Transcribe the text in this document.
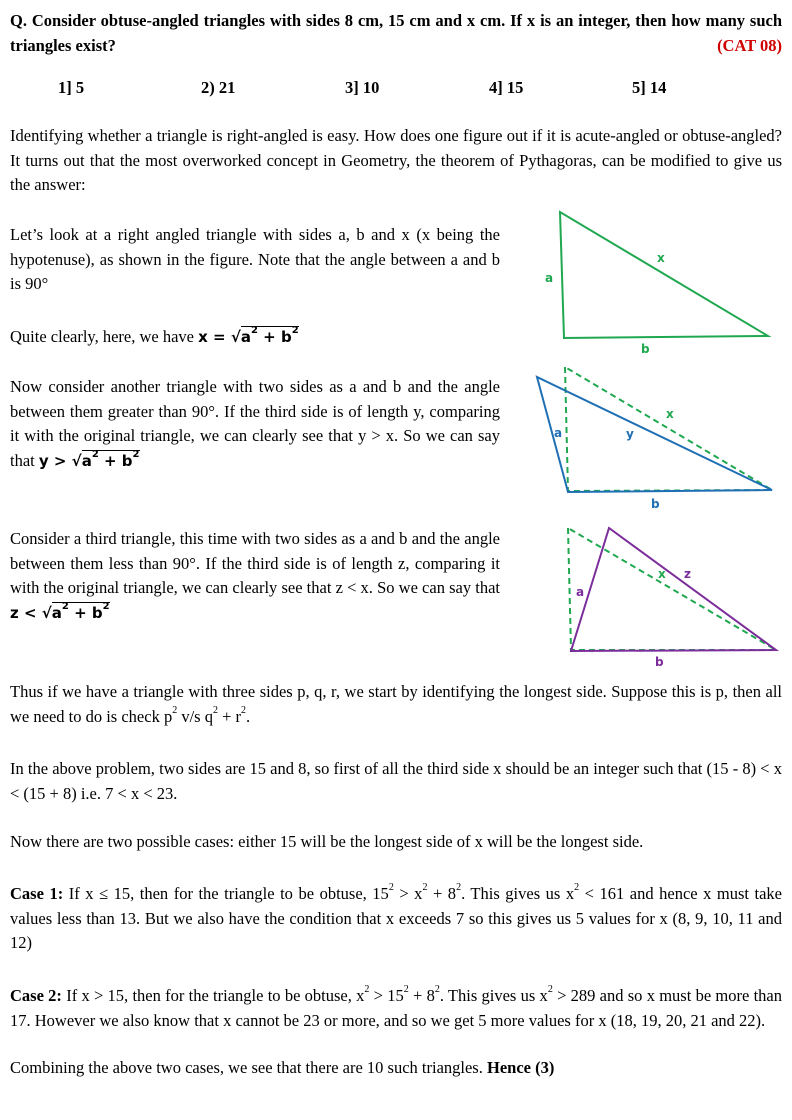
Q. Consider obtuse-angled triangles with sides 8 cm, 15 cm and x cm. If x is an integer, then how many such triangles exist?	(CAT 08)
1] 5	2) 21	3] 10	4] 15	5] 14
Identifying whether a triangle is right-angled is easy. How does one figure out if it is acute-angled or obtuse-angled? It turns out that the most overworked concept in Geometry, the theorem of Pythagoras, can be modified to give us the answer:
Let’s look at a right angled triangle with sides a, b and x (x being the hypotenuse), as shown in the figure. Note that the angle between a and b is 90°
Quite clearly, here, we have $x = √a^2 + b^2$
Now consider another triangle with two sides as a and b and the angle between them greater than 90°. If the third side is of length y, comparing it with the original triangle, we can clearly see that y > x. So we can say that $y > √a^2 + b^2$
Consider a third triangle, this time with two sides as a and b and the angle between them less than 90°. If the third side is of length z, comparing it with the original triangle, we can clearly see that z < x. So we can say that $z < √a^2 + b^2$
Thus if we have a triangle with three sides p, q, r, we start by identifying the longest side. Suppose this is p, then all we need to do is check $p^2$ v/s $q^2 + r^2$.
In the above problem, two sides are 15 and 8, so first of all the third side x should be an integer such that (15 - 8) < x < (15 + 8) i.e. 7 < x < 23.
Now there are two possible cases: either 15 will be the longest side of x will be the longest side.
Case 1: If x ≤ 15, then for the triangle to be obtuse, $15^2 > x^2 + 8^2$. This gives us $x^2 < 161$ and hence x must take values less than 13. But we also have the condition that x exceeds 7 so this gives us 5 values for x (8, 9, 10, 11 and 12)
Case 2: If x > 15, then for the triangle to be obtuse, $x^2 > 15^2 + 8^2$. This gives us $x^2 > 289$ and so x must be more than 17. However we also know that x cannot be 23 or more, and so we get 5 more values for x (18, 19, 20, 21 and 22).
Combining the above two cases, we see that there are 10 such triangles. Hence (3)
a
x
b
a	y
x
b
a
x z
b
